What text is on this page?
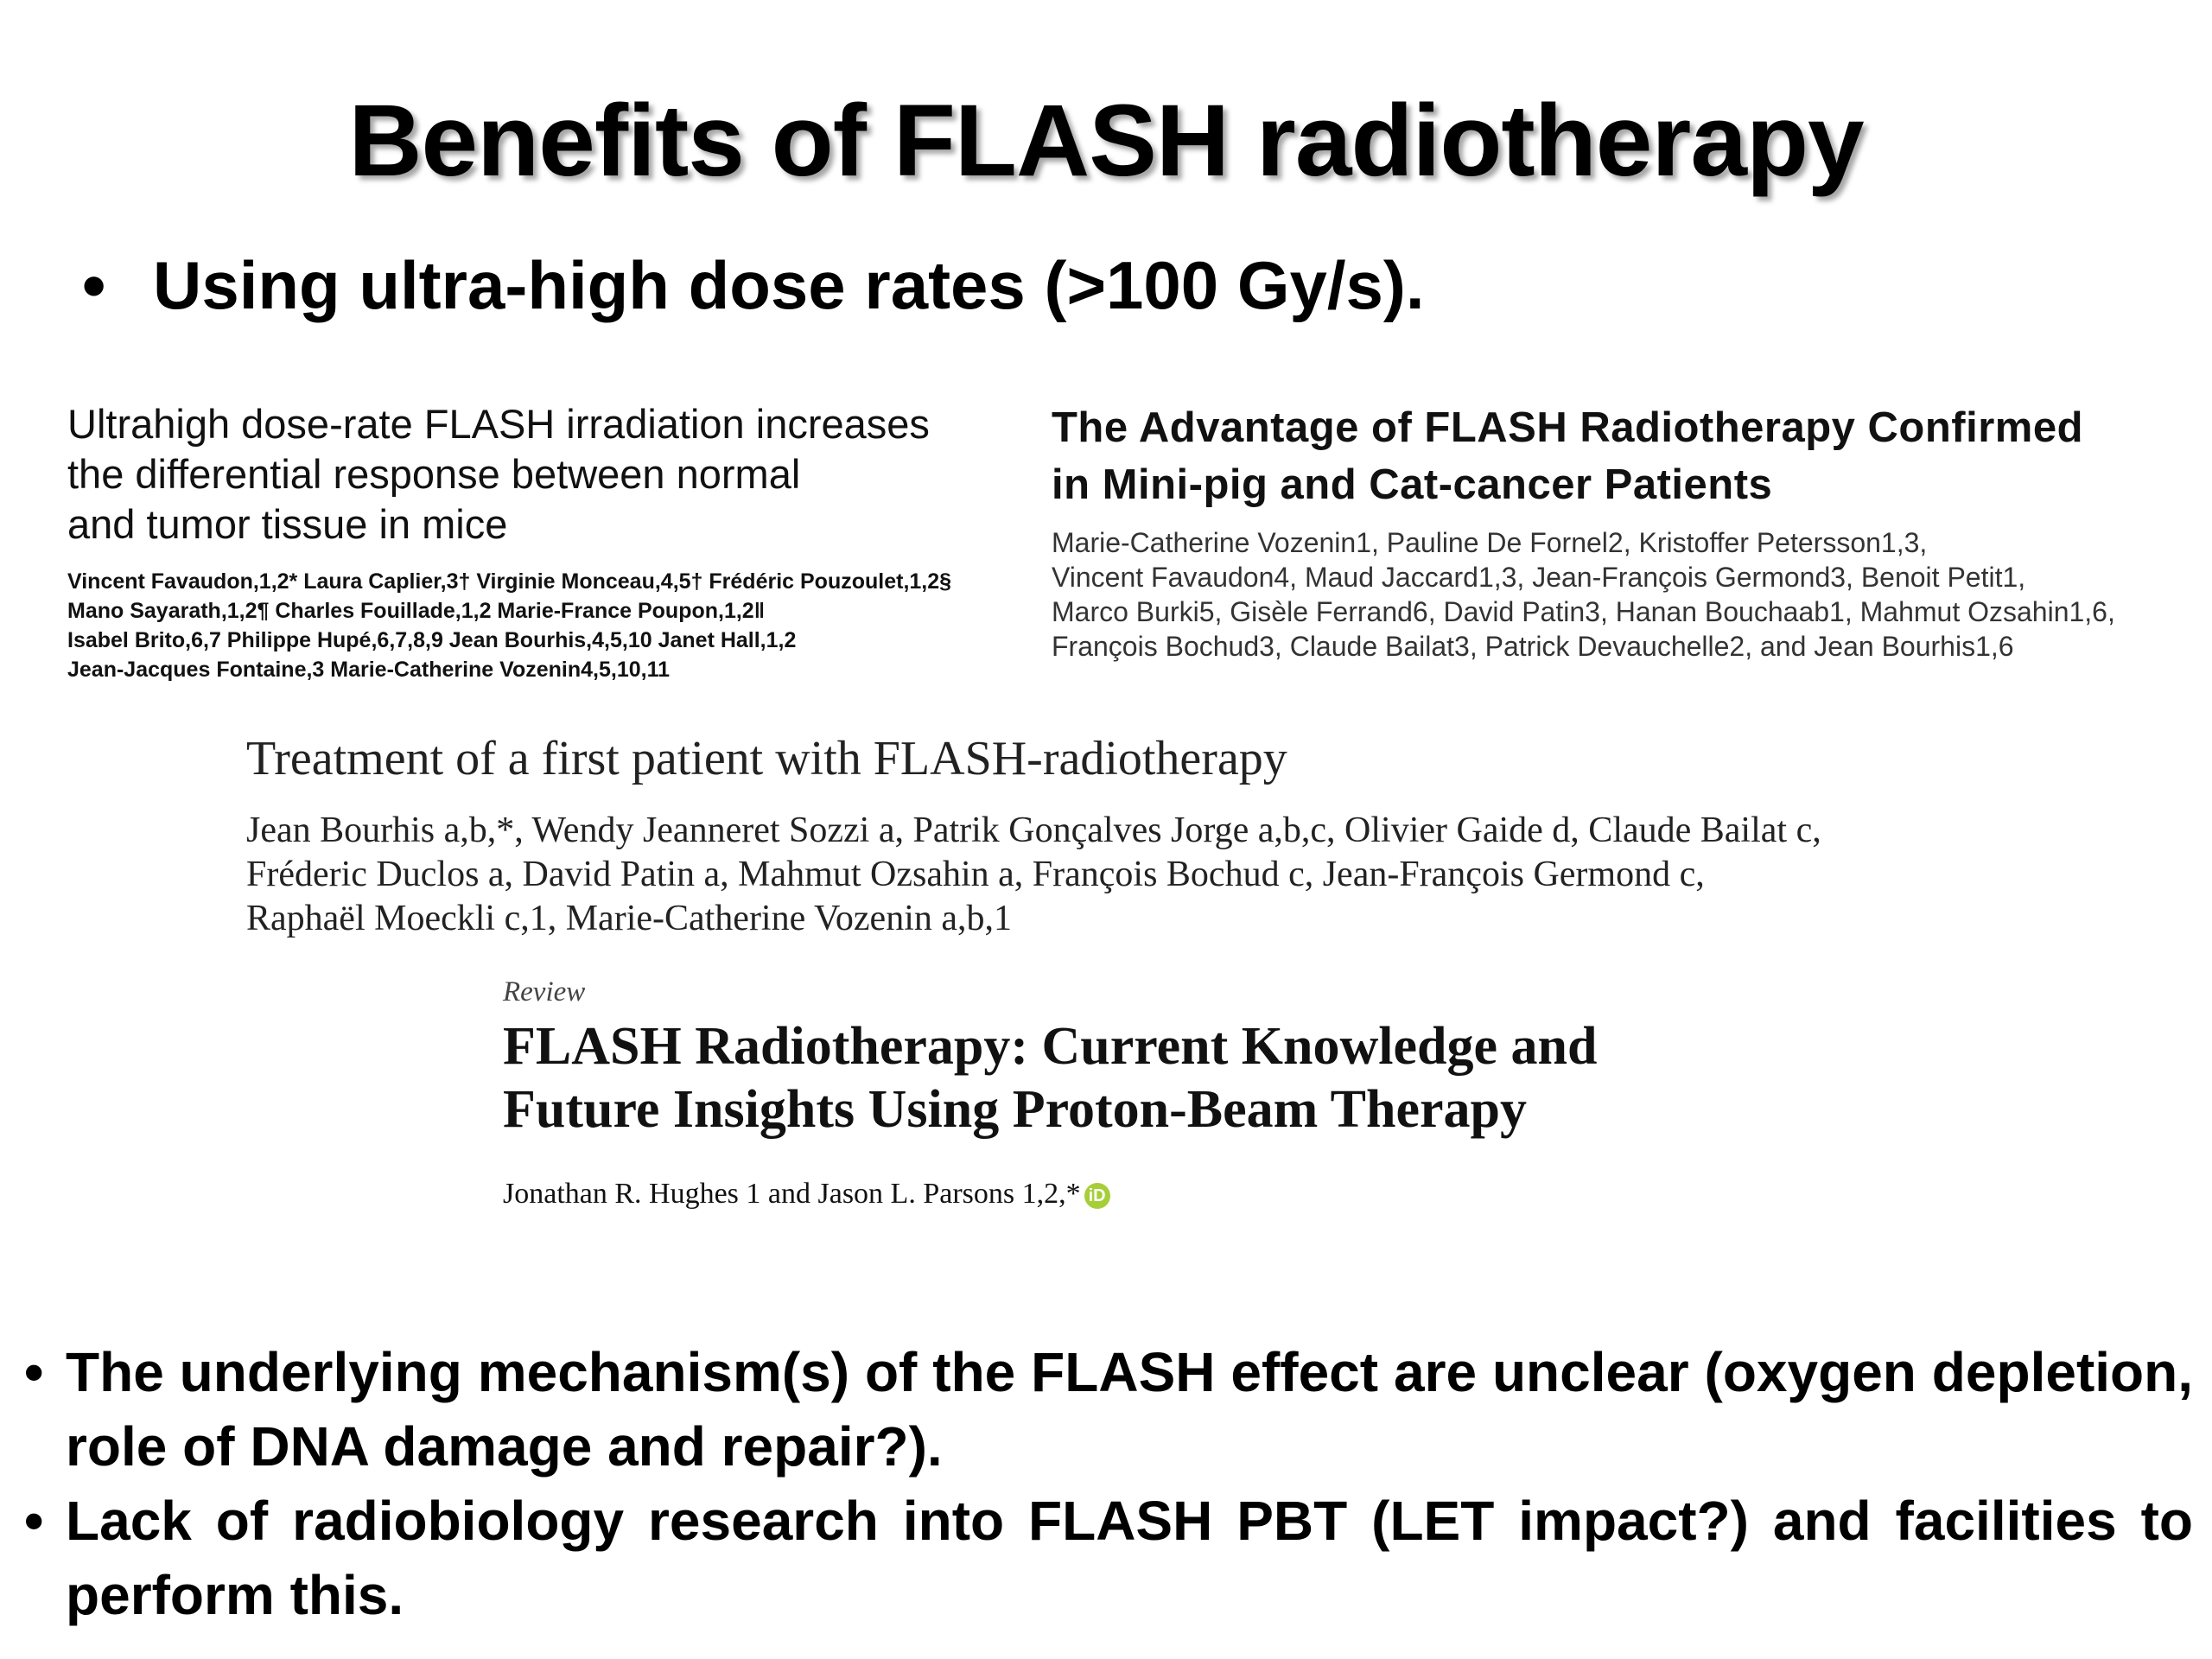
Benefits of FLASH radiotherapy
• Using ultra-high dose rates (>100 Gy/s).
Ultrahigh dose-rate FLASH irradiation increases
the differential response between normal
and tumor tissue in mice
Vincent Favaudon,1,2* Laura Caplier,3† Virginie Monceau,4,5† Frédéric Pouzoulet,1,2§
Mano Sayarath,1,2¶ Charles Fouillade,1,2 Marie-France Poupon,1,2‖
Isabel Brito,6,7 Philippe Hupé,6,7,8,9 Jean Bourhis,4,5,10 Janet Hall,1,2
Jean-Jacques Fontaine,3 Marie-Catherine Vozenin4,5,10,11
The Advantage of FLASH Radiotherapy Confirmed
in Mini-pig and Cat-cancer Patients
Marie-Catherine Vozenin1, Pauline De Fornel2, Kristoffer Petersson1,3,
Vincent Favaudon4, Maud Jaccard1,3, Jean-François Germond3, Benoit Petit1,
Marco Burki5, Gisèle Ferrand6, David Patin3, Hanan Bouchaab1, Mahmut Ozsahin1,6,
François Bochud3, Claude Bailat3, Patrick Devauchelle2, and Jean Bourhis1,6
Treatment of a first patient with FLASH-radiotherapy
Jean Bourhis a,b,*, Wendy Jeanneret Sozzi a, Patrik Gonçalves Jorge a,b,c, Olivier Gaide d, Claude Bailat c,
Fréderic Duclos a, David Patin a, Mahmut Ozsahin a, François Bochud c, Jean-François Germond c,
Raphaël Moeckli c,1, Marie-Catherine Vozenin a,b,1
Review
FLASH Radiotherapy: Current Knowledge and
Future Insights Using Proton-Beam Therapy
Jonathan R. Hughes 1 and Jason L. Parsons 1,2,* iD
• The underlying mechanism(s) of the FLASH effect are unclear (oxygen depletion, role of DNA damage and repair?).
• Lack of radiobiology research into FLASH PBT (LET impact?) and facilities to perform this.
